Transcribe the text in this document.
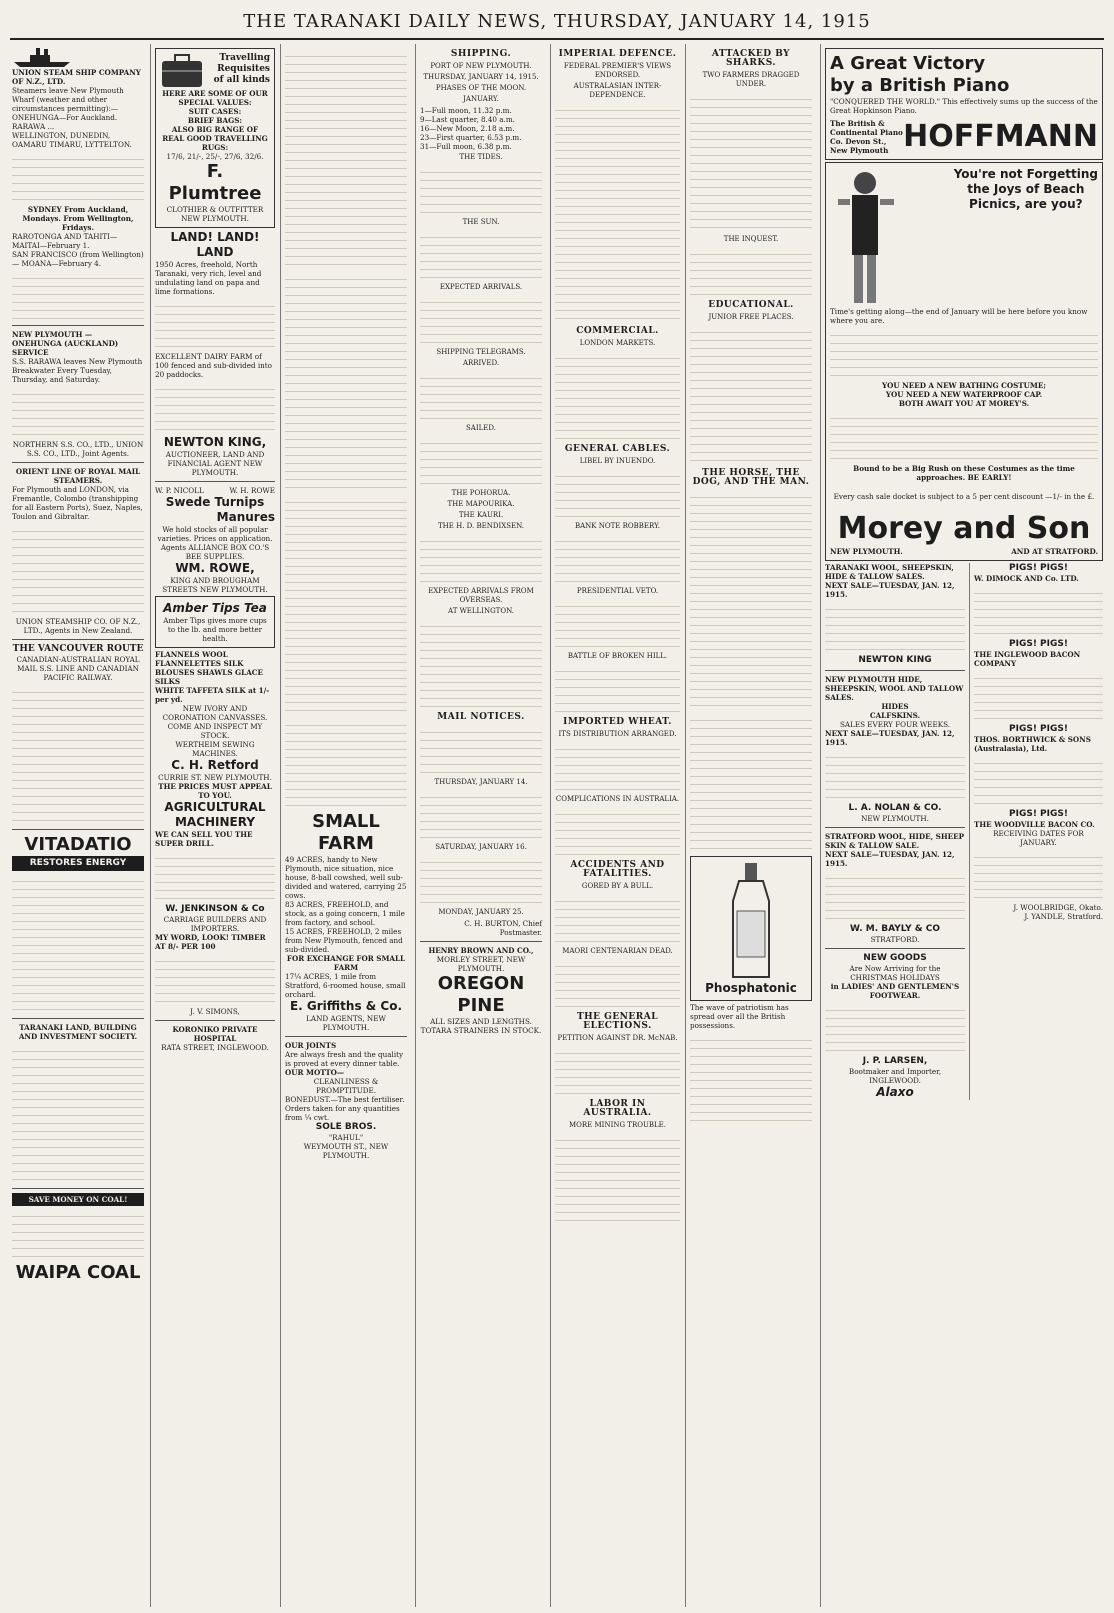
THE TARANAKI DAILY NEWS, THURSDAY, JANUARY 14, 1915
UNION STEAM SHIP COMPANY OF N.Z., LTD.
Steamers leave New Plymouth Wharf (weather and other circumstances permitting):—
ONEHUNGA—For Auckland. RARAWA ...
WELLINGTON, DUNEDIN, OAMARU TIMARU, LYTTELTON.
SYDNEY From Auckland, Mondays. From Wellington, Fridays.
RAROTONGA AND TAHITI— MAITAI—February 1.
SAN FRANCISCO (from Wellington)— MOANA—February 4.
NEW PLYMOUTH — ONEHUNGA (AUCKLAND) SERVICE
S.S. RARAWA leaves New Plymouth Breakwater Every Tuesday, Thursday, and Saturday.
NORTHERN S.S. CO., LTD., UNION S.S. CO., LTD., Joint Agents.
ORIENT LINE OF ROYAL MAIL STEAMERS.
For Plymouth and LONDON, via Fremantle, Colombo (transhipping for all Eastern Ports), Suez, Naples, Toulon and Gibraltar.
UNION STEAMSHIP CO. OF N.Z., LTD., Agents in New Zealand.
THE VANCOUVER ROUTE
CANADIAN-AUSTRALIAN ROYAL MAIL S.S. LINE AND CANADIAN PACIFIC RAILWAY.
VITADATIO
RESTORES ENERGY
TARANAKI LAND, BUILDING AND INVESTMENT SOCIETY.
SAVE MONEY ON COAL!
WAIPA COAL
Travelling
Requisites
of all kinds
HERE ARE SOME OF OUR SPECIAL VALUES:
SUIT CASES:
BRIEF BAGS:
ALSO BIG RANGE OF REAL GOOD TRAVELLING RUGS:
17/6, 21/-, 25/-, 27/6, 32/6.
F. Plumtree
CLOTHIER & OUTFITTER NEW PLYMOUTH.
LAND! LAND! LAND
1950 Acres, freehold, North Taranaki, very rich, level and undulating land on papa and lime formations.
EXCELLENT DAIRY FARM of 100 fenced and sub-divided into 20 paddocks.
NEWTON KING,
AUCTIONEER, LAND AND FINANCIAL AGENT NEW PLYMOUTH.
W. P. NICOLL	W. H. ROWE
Swede Turnips
Manures
We hold stocks of all popular varieties. Prices on application.
Agents ALLIANCE BOX CO.'S BEE SUPPLIES.
WM. ROWE,
KING AND BROUGHAM STREETS NEW PLYMOUTH.
Amber Tips Tea
Amber Tips gives more cups to the lb. and more better health.
FLANNELS WOOL FLANNELETTES SILK BLOUSES SHAWLS GLACE SILKS
WHITE TAFFETA SILK at 1/- per yd.
NEW IVORY AND CORONATION CANVASSES.
COME AND INSPECT MY STOCK.
WERTHEIM SEWING MACHINES.
C. H. Retford
CURRIE ST. NEW PLYMOUTH.
THE PRICES MUST APPEAL TO YOU.
AGRICULTURAL MACHINERY
WE CAN SELL YOU THE SUPER DRILL.
W. JENKINSON & Co
CARRIAGE BUILDERS AND IMPORTERS.
MY WORD, LOOK! TIMBER AT 8/- PER 100
J. V. SIMONS,
KORONIKO PRIVATE HOSPITAL
RATA STREET, INGLEWOOD.
SMALL FARM
49 ACRES, handy to New Plymouth, nice situation, nice house, 8-ball cowshed, well sub-divided and watered, carrying 25 cows.
83 ACRES, FREEHOLD, and stock, as a going concern, 1 mile from factory, and school.
15 ACRES, FREEHOLD, 2 miles from New Plymouth, fenced and sub-divided.
FOR EXCHANGE FOR SMALL FARM
17¼ ACRES, 1 mile from Stratford, 6-roomed house, small orchard.
E. Griffiths & Co.
LAND AGENTS, NEW PLYMOUTH.
OUR JOINTS
Are always fresh and the quality is proved at every dinner table.
OUR MOTTO—
CLEANLINESS & PROMPTITUDE.
BONEDUST.—The best fertiliser. Orders taken for any quantities from ¼ cwt.
SOLE BROS.
"RAHUL"
WEYMOUTH ST., NEW PLYMOUTH.
SHIPPING.
PORT OF NEW PLYMOUTH.
THURSDAY, JANUARY 14, 1915.
PHASES OF THE MOON.
JANUARY.
1—Full moon, 11.32 p.m.
9—Last quarter, 8.40 a.m.
16—New Moon, 2.18 a.m.
23—First quarter, 6.53 p.m.
31—Full moon, 6.38 p.m.
THE TIDES.
THE SUN.
EXPECTED ARRIVALS.
SHIPPING TELEGRAMS.
ARRIVED.
SAILED.
THE POHORUA.
THE MAPOURIKA.
THE KAURI.
THE H. D. BENDIXSEN.
EXPECTED ARRIVALS FROM OVERSEAS.
AT WELLINGTON.
MAIL NOTICES.
THURSDAY, JANUARY 14.
SATURDAY, JANUARY 16.
MONDAY, JANUARY 25.
C. H. BURTON, Chief Postmaster.
HENRY BROWN AND CO.,
MORLEY STREET, NEW PLYMOUTH.
OREGON PINE
ALL SIZES AND LENGTHS.
TOTARA STRAINERS IN STOCK.
IMPERIAL DEFENCE.
FEDERAL PREMIER'S VIEWS ENDORSED.
AUSTRALASIAN INTER-DEPENDENCE.
COMMERCIAL.
LONDON MARKETS.
GENERAL CABLES.
LIBEL BY INUENDO.
BANK NOTE ROBBERY.
PRESIDENTIAL VETO.
BATTLE OF BROKEN HILL.
IMPORTED WHEAT.
ITS DISTRIBUTION ARRANGED.
COMPLICATIONS IN AUSTRALIA.
ACCIDENTS AND FATALITIES.
GORED BY A BULL.
MAORI CENTENARIAN DEAD.
THE GENERAL ELECTIONS.
PETITION AGAINST DR. McNAB.
LABOR IN AUSTRALIA.
MORE MINING TROUBLE.
ATTACKED BY SHARKS.
TWO FARMERS DRAGGED UNDER.
THE INQUEST.
EDUCATIONAL.
JUNIOR FREE PLACES.
THE HORSE, THE DOG, AND THE MAN.
Phosphatonic
The wave of patriotism has spread over all the British possessions.
A Great Victory
by a British Piano
"CONQUERED THE WORLD." This effectively sums up the success of the Great Hopkinson Piano.
The British & Continental Piano Co. Devon St., New Plymouth HOFFMANN
You're not Forgetting
the Joys of Beach
Picnics, are you?
Time's getting along—the end of January will be here before you know where you are.
YOU NEED A NEW BATHING COSTUME;
YOU NEED A NEW WATERPROOF CAP.
BOTH AWAIT YOU AT MOREY'S.
Bound to be a Big Rush on these Costumes as the time approaches. BE EARLY!
Every cash sale docket is subject to a 5 per cent discount —1/- in the £.
Morey and Son
NEW PLYMOUTH.	AND AT STRATFORD.
TARANAKI WOOL, SHEEPSKIN, HIDE & TALLOW SALES.
NEXT SALE—TUESDAY, JAN. 12, 1915.
NEWTON KING
NEW PLYMOUTH HIDE, SHEEPSKIN, WOOL AND TALLOW SALES.
HIDES
CALFSKINS.
SALES EVERY FOUR WEEKS.
NEXT SALE—TUESDAY, JAN. 12, 1915.
L. A. NOLAN & CO.
NEW PLYMOUTH.
STRATFORD WOOL, HIDE, SHEEP SKIN & TALLOW SALE.
NEXT SALE—TUESDAY, JAN. 12, 1915.
W. M. BAYLY & CO
STRATFORD.
NEW GOODS
Are Now Arriving for the CHRISTMAS HOLIDAYS
in LADIES' AND GENTLEMEN'S FOOTWEAR.
J. P. LARSEN,
Bootmaker and Importer, INGLEWOOD.
Alaxo
PIGS! PIGS!
W. DIMOCK AND Co. LTD.
PIGS! PIGS!
THE INGLEWOOD BACON COMPANY
PIGS! PIGS!
THOS. BORTHWICK & SONS (Australasia), Ltd.
PIGS! PIGS!
THE WOODVILLE BACON CO.
RECEIVING DATES FOR JANUARY.
J. WOOLBRIDGE, Okato.
J. YANDLE, Stratford.
